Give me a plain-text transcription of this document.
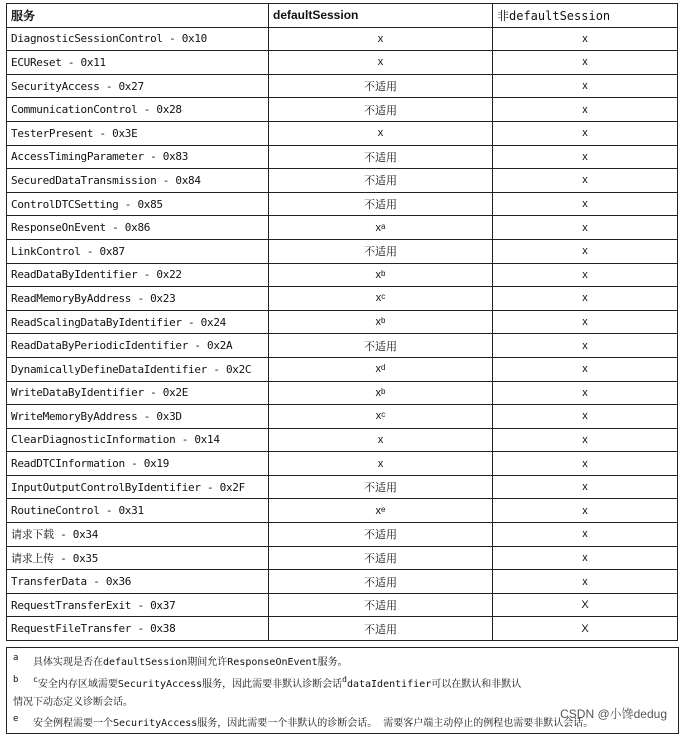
服务	defaultSession	非defaultSession
DiagnosticSessionControl - 0x10	x	x
ECUReset - 0x11	x	x
SecurityAccess - 0x27	不适用	x
CommunicationControl - 0x28	不适用	x
TesterPresent - 0x3E	x	x
AccessTimingParameter - 0x83	不适用	x
SecuredDataTransmission - 0x84	不适用	x
ControlDTCSetting - 0x85	不适用	x
ResponseOnEvent - 0x86	$x^a$	x
LinkControl - 0x87	不适用	x
ReadDataByIdentifier - 0x22	$x^b$	x
ReadMemoryByAddress - 0x23	$x^c$	x
ReadScalingDataByIdentifier - 0x24	$x^b$	x
ReadDataByPeriodicIdentifier - 0x2A	不适用	x
DynamicallyDefineDataIdentifier - 0x2C	$x^d$	x
WriteDataByIdentifier - 0x2E	$x^b$	x
WriteMemoryByAddress - 0x3D	$x^c$	x
ClearDiagnosticInformation - 0x14	x	x
ReadDTCInformation - 0x19	x	x
InputOutputControlByIdentifier - 0x2F	不适用	x
RoutineControl - 0x31	$x^e$	x
请求下载 - 0x34	不适用	x
请求上传 - 0x35	不适用	x
TransferData - 0x36	不适用	x
RequestTransferExit - 0x37	不适用	X
RequestFileTransfer - 0x38	不适用	X
a 具体实现是否在defaultSession期间允许ResponseOnEvent服务。
b $^c$安全内存区域需要SecurityAccess服务，因此需要非默认诊断会话$^d$dataIdentifier可以在默认和非默认
情况下动态定义诊断会话。
e 安全例程需要一个SecurityAccess服务，因此需要一个非默认的诊断会话。 需要客户端主动停止的例程也需要非默认会话。
CSDN @小馋dedug
